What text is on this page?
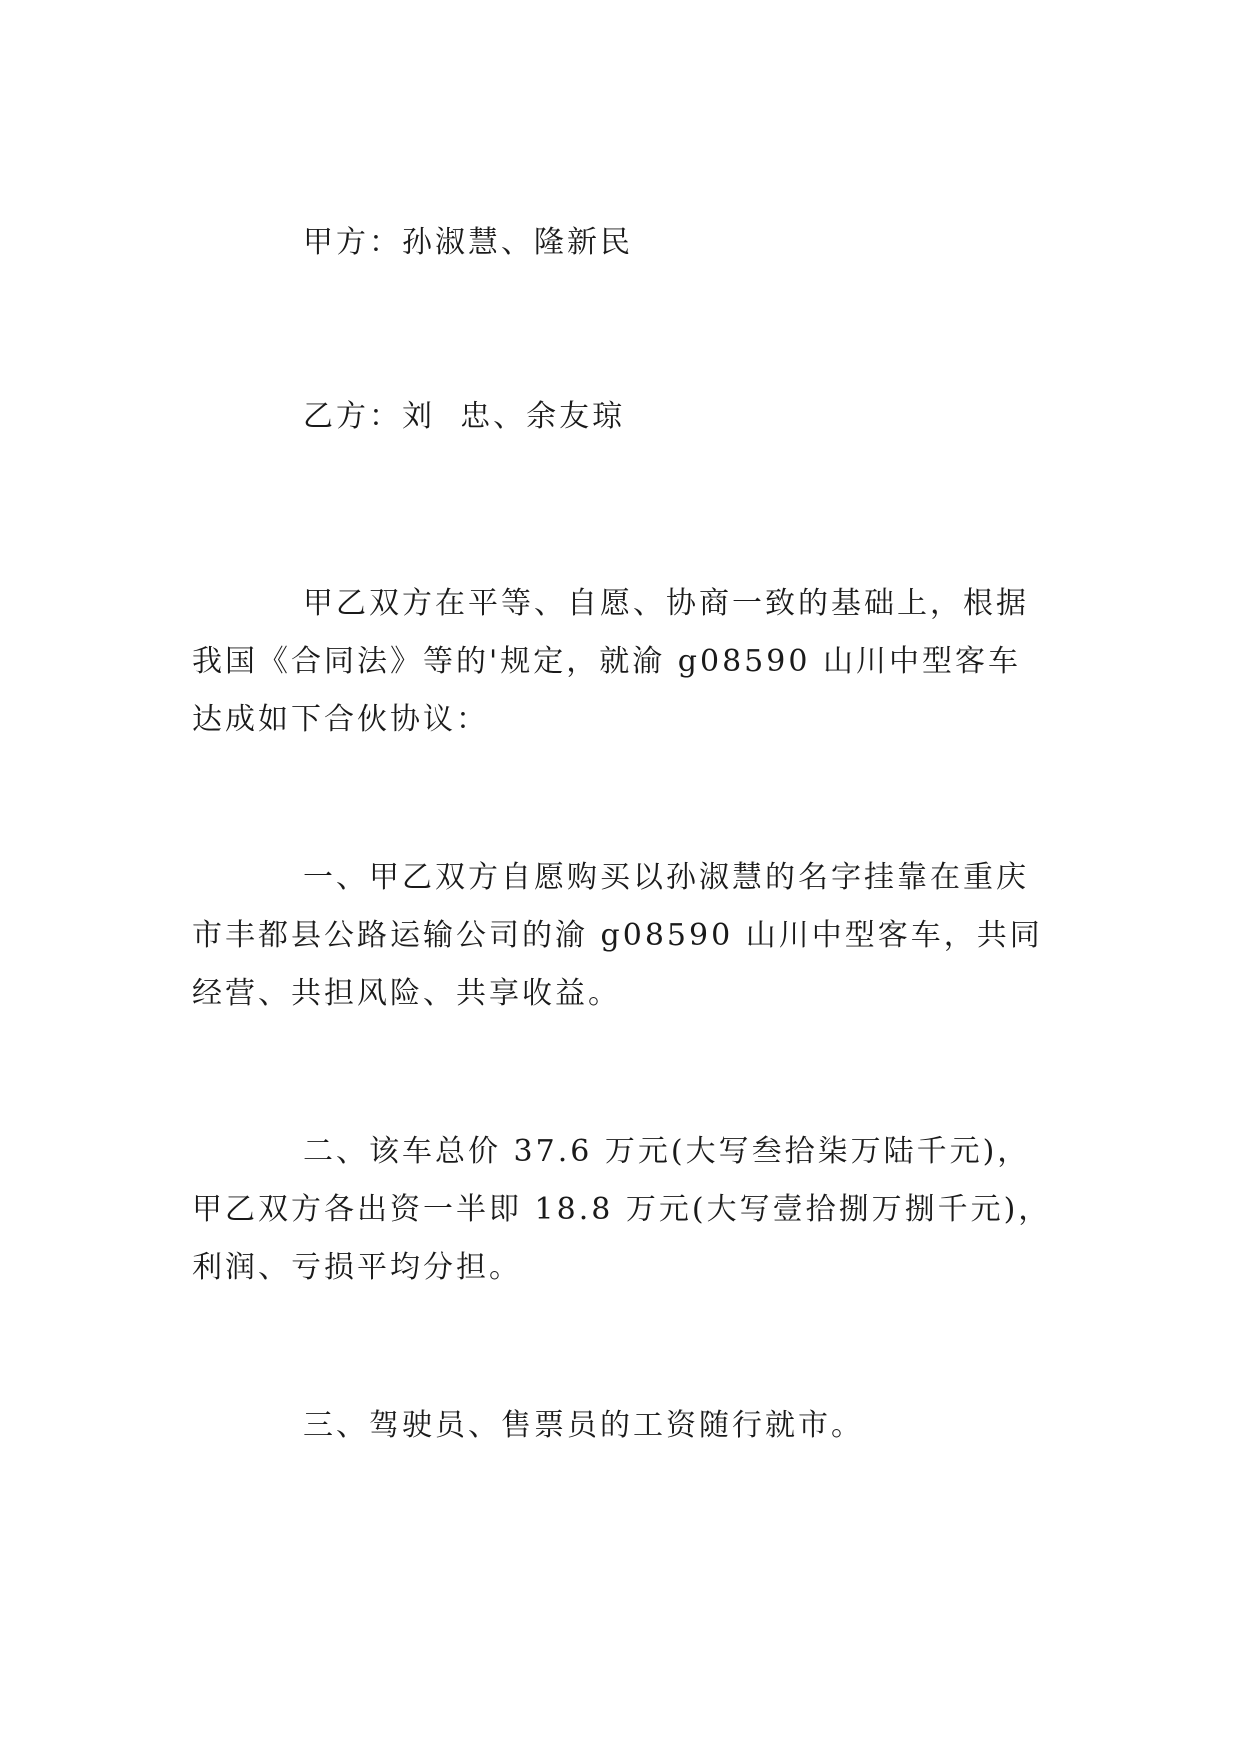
甲方：孙淑慧、隆新民

乙方：刘  忠、余友琼

甲乙双方在平等、自愿、协商一致的基础上，根据我国《合同法》等的'规定，就渝 g08590 山川中型客车达成如下合伙协议：

一、甲乙双方自愿购买以孙淑慧的名字挂靠在重庆市丰都县公路运输公司的渝 g08590 山川中型客车，共同经营、共担风险、共享收益。

二、该车总价 37.6 万元(大写叁拾柒万陆千元)，甲乙双方各出资一半即 18.8 万元(大写壹拾捌万捌千元)，利润、亏损平均分担。

三、驾驶员、售票员的工资随行就市。
